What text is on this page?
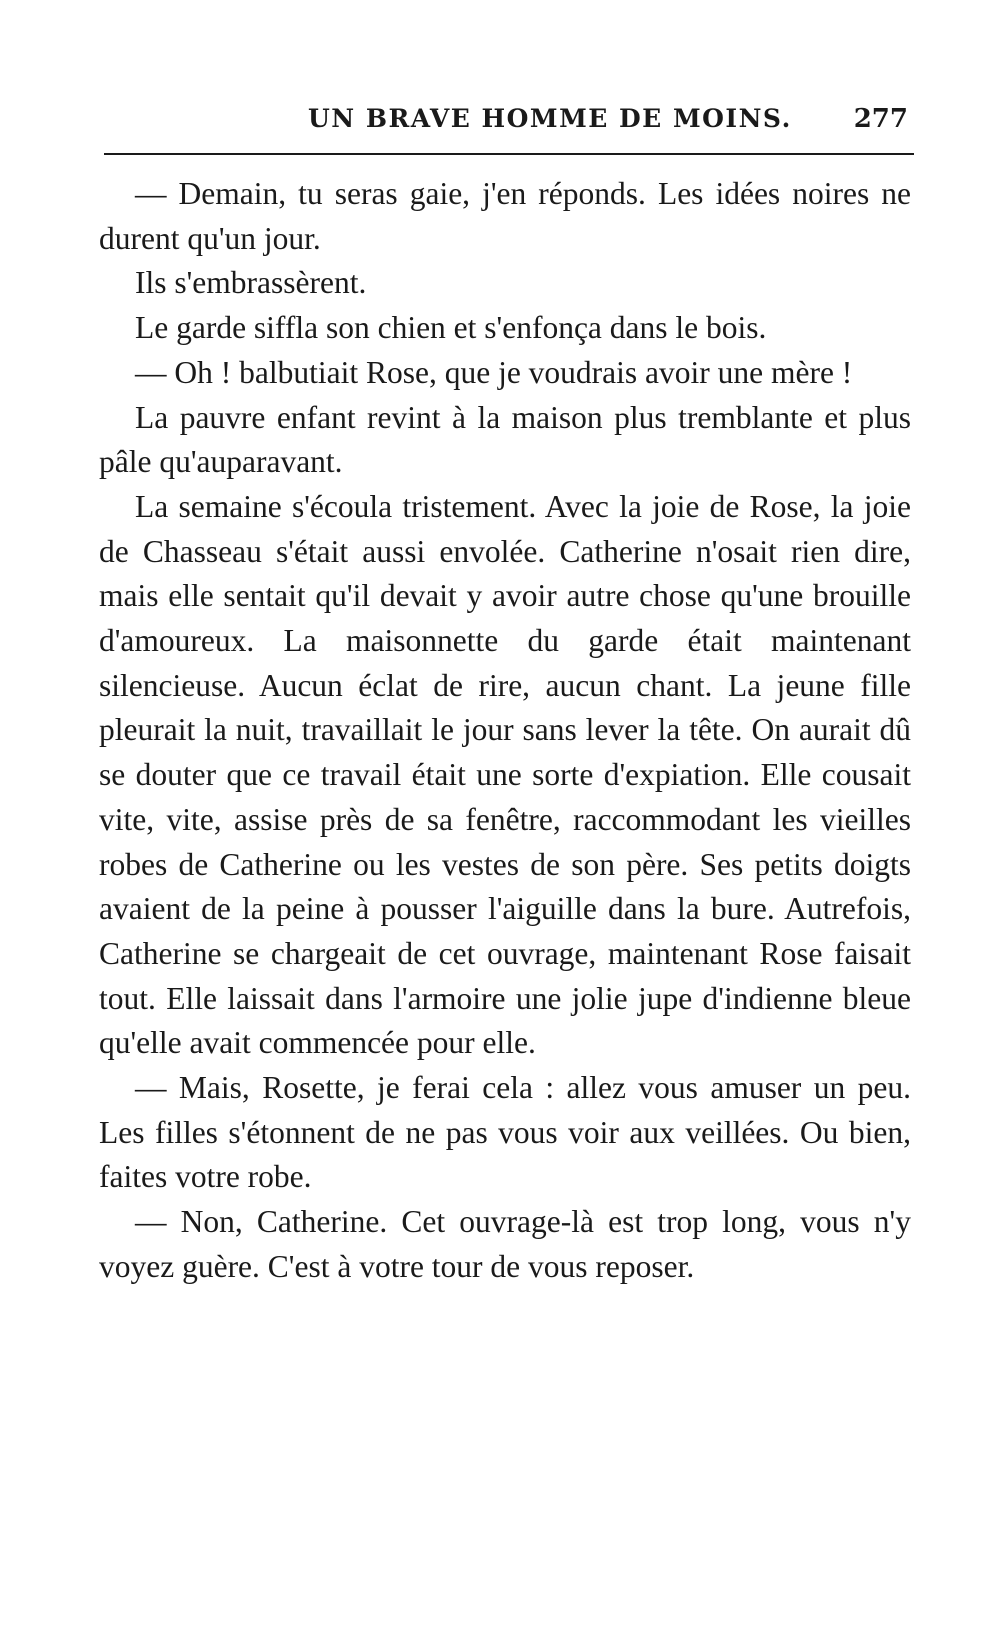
UN BRAVE HOMME DE MOINS. 277

— Demain, tu seras gaie, j'en réponds. Les idées noires ne durent qu'un jour.

Ils s'embrassèrent.

Le garde siffla son chien et s'enfonça dans le bois.

— Oh ! balbutiait Rose, que je voudrais avoir une mère !

La pauvre enfant revint à la maison plus tremblante et plus pâle qu'auparavant.

La semaine s'écoula tristement. Avec la joie de Rose, la joie de Chasseau s'était aussi envolée. Catherine n'osait rien dire, mais elle sentait qu'il devait y avoir autre chose qu'une brouille d'amoureux. La maisonnette du garde était maintenant silencieuse. Aucun éclat de rire, aucun chant. La jeune fille pleurait la nuit, travaillait le jour sans lever la tête. On aurait dû se douter que ce travail était une sorte d'expiation. Elle cousait vite, vite, assise près de sa fenêtre, raccommodant les vieilles robes de Catherine ou les vestes de son père. Ses petits doigts avaient de la peine à pousser l'aiguille dans la bure. Autrefois, Catherine se chargeait de cet ouvrage, maintenant Rose faisait tout. Elle laissait dans l'armoire une jolie jupe d'indienne bleue qu'elle avait commencée pour elle.

— Mais, Rosette, je ferai cela : allez vous amuser un peu. Les filles s'étonnent de ne pas vous voir aux veillées. Ou bien, faites votre robe.

— Non, Catherine. Cet ouvrage-là est trop long, vous n'y voyez guère. C'est à votre tour de vous reposer.
